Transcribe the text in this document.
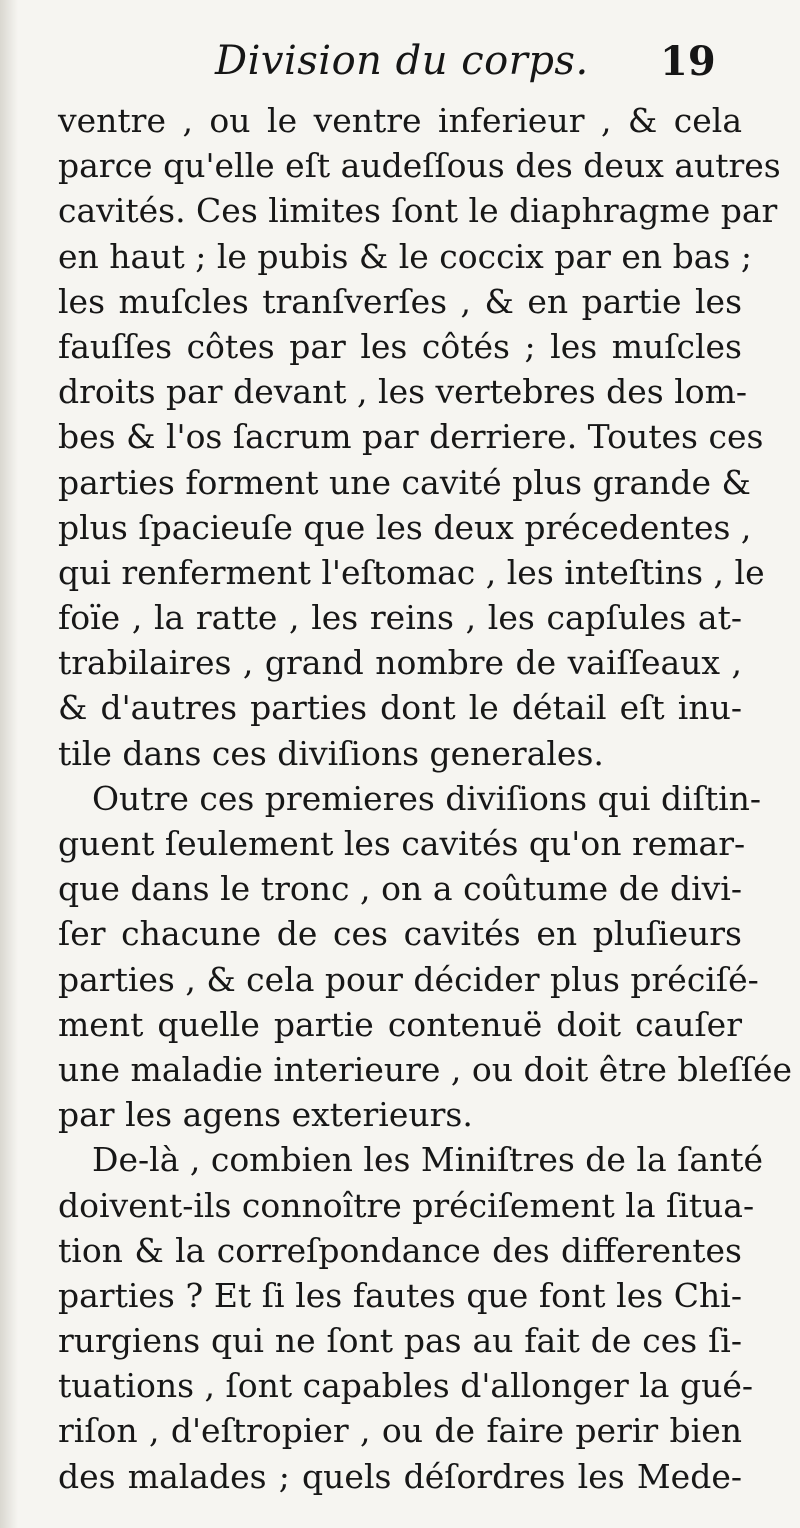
Division du corps. 19
ventre , ou le ventre inferieur , & cela
parce qu'elle eſt audeſſous des deux autres
cavités. Ces limites ſont le diaphragme par
en haut ; le pubis & le coccix par en bas ;
les muſcles tranſverſes , & en partie les
fauſſes côtes par les côtés ; les muſcles
droits par devant , les vertebres des lom-
bes & l'os ſacrum par derriere. Toutes ces
parties forment une cavité plus grande &
plus ſpacieuſe que les deux précedentes ,
qui renferment l'eſtomac , les inteſtins , le
foïe , la ratte , les reins , les capſules at-
trabilaires , grand nombre de vaiſſeaux ,
& d'autres parties dont le détail eſt inu-
tile dans ces diviſions generales.
Outre ces premieres diviſions qui diſtin-
guent ſeulement les cavités qu'on remar-
que dans le tronc , on a coûtume de divi-
ſer chacune de ces cavités en pluſieurs
parties , & cela pour décider plus préciſé-
ment quelle partie contenuë doit cauſer
une maladie interieure , ou doit être bleſſée
par les agens exterieurs.
De-là , combien les Miniſtres de la ſanté
doivent-ils connoître préciſement la ſitua-
tion & la correſpondance des differentes
parties ? Et ſi les fautes que font les Chi-
rurgiens qui ne ſont pas au fait de ces ſi-
tuations , ſont capables d'allonger la gué-
riſon , d'eſtropier , ou de faire perir bien
des malades ; quels déſordres les Mede-
